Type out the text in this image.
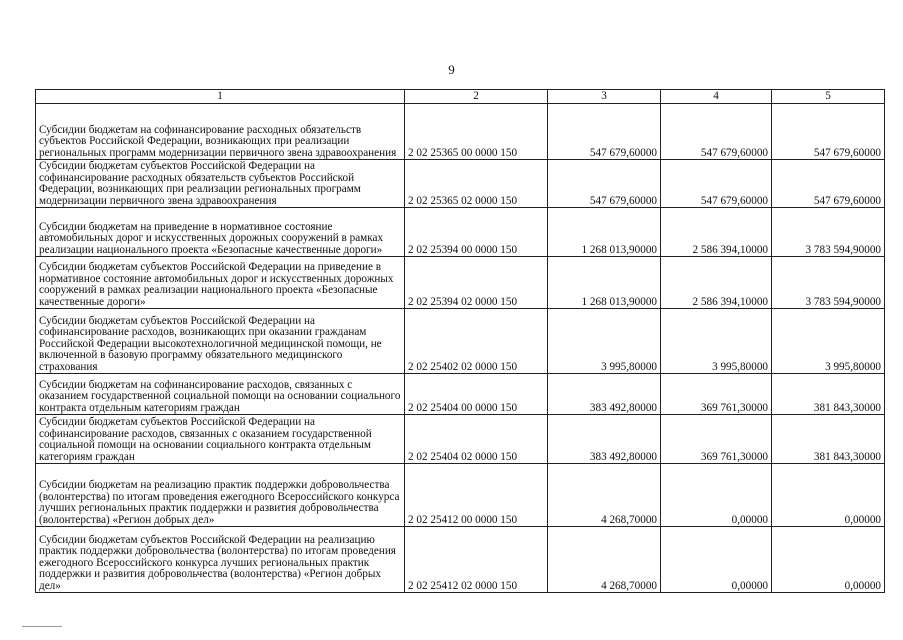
9
1	2	3	4	5
Субсидии бюджетам на софинансирование расходных обязательств субъектов Российской Федерации, возникающих при реализации региональных программ модернизации первичного звена здравоохранения	2 02 25365 00 0000 150	547 679,60000	547 679,60000	547 679,60000
Субсидии бюджетам субъектов Российской Федерации на софинансирование расходных обязательств субъектов Российской Федерации, возникающих при реализации региональных программ модернизации первичного звена здравоохранения	2 02 25365 02 0000 150	547 679,60000	547 679,60000	547 679,60000
Субсидии бюджетам на приведение в нормативное состояние автомобильных дорог и искусственных дорожных сооружений в рамках реализации национального проекта «Безопасные качественные дороги»	2 02 25394 00 0000 150	1 268 013,90000	2 586 394,10000	3 783 594,90000
Субсидии бюджетам субъектов Российской Федерации на приведение в нормативное состояние автомобильных дорог и искусственных дорожных сооружений в рамках реализации национального проекта «Безопасные качественные дороги»	2 02 25394 02 0000 150	1 268 013,90000	2 586 394,10000	3 783 594,90000
Субсидии бюджетам субъектов Российской Федерации на софинансирование расходов, возникающих при оказании гражданам Российской Федерации высокотехнологичной медицинской помощи, не включенной в базовую программу обязательного медицинского страхования	2 02 25402 02 0000 150	3 995,80000	3 995,80000	3 995,80000
Субсидии бюджетам на софинансирование расходов, связанных с оказанием государственной социальной помощи на основании социального контракта отдельным категориям граждан	2 02 25404 00 0000 150	383 492,80000	369 761,30000	381 843,30000
Субсидии бюджетам субъектов Российской Федерации на софинансирование расходов, связанных с оказанием государственной социальной помощи на основании социального контракта отдельным категориям граждан	2 02 25404 02 0000 150	383 492,80000	369 761,30000	381 843,30000
Субсидии бюджетам на реализацию практик поддержки добровольчества (волонтерства) по итогам проведения ежегодного Всероссийского конкурса лучших региональных практик поддержки и развития добровольчества (волонтерства) «Регион добрых дел»	2 02 25412 00 0000 150	4 268,70000	0,00000	0,00000
Субсидии бюджетам субъектов Российской Федерации на реализацию практик поддержки добровольчества (волонтерства) по итогам проведения ежегодного Всероссийского конкурса лучших региональных практик поддержки и развития добровольчества (волонтерства) «Регион добрых дел»	2 02 25412 02 0000 150	4 268,70000	0,00000	0,00000
